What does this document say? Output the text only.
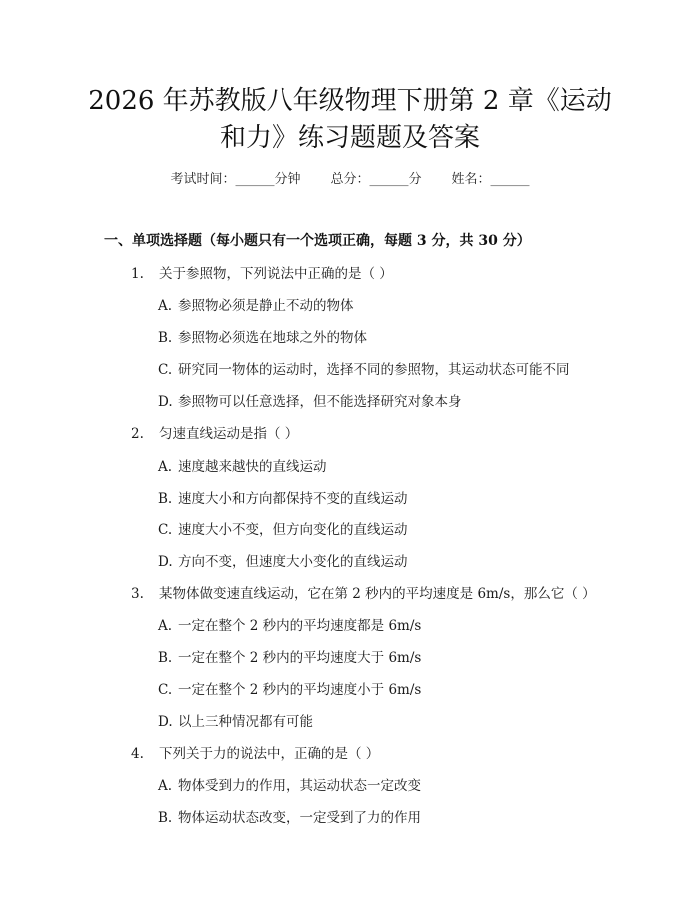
2026 年苏教版八年级物理下册第 2 章《运动
和力》练习题题及答案
考试时间：______分钟 总分：______分 姓名：______
一、单项选择题（每小题只有一个选项正确，每题 3 分，共 30 分）
1. 关于参照物，下列说法中正确的是（ ）
A. 参照物必须是静止不动的物体
B. 参照物必须选在地球之外的物体
C. 研究同一物体的运动时，选择不同的参照物，其运动状态可能不同
D. 参照物可以任意选择，但不能选择研究对象本身
2. 匀速直线运动是指（ ）
A. 速度越来越快的直线运动
B. 速度大小和方向都保持不变的直线运动
C. 速度大小不变，但方向变化的直线运动
D. 方向不变，但速度大小变化的直线运动
3. 某物体做变速直线运动，它在第 2 秒内的平均速度是 6m/s，那么它（ ）
A. 一定在整个 2 秒内的平均速度都是 6m/s
B. 一定在整个 2 秒内的平均速度大于 6m/s
C. 一定在整个 2 秒内的平均速度小于 6m/s
D. 以上三种情况都有可能
4. 下列关于力的说法中，正确的是（ ）
A. 物体受到力的作用，其运动状态一定改变
B. 物体运动状态改变，一定受到了力的作用
